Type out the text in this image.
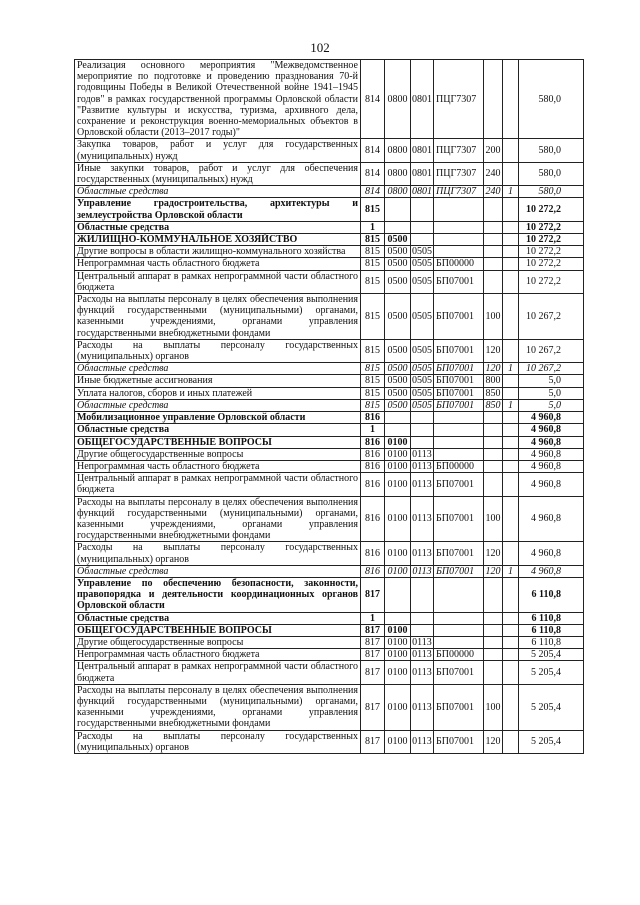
102
Реализация основного мероприятия "Межведомственное мероприятие по подготовке и проведению празднования 70-й годовщины Победы в Великой Отечественной войне 1941–1945 годов" в рамках государственной программы Орловской области "Развитие культуры и искусства, туризма, архивного дела, сохранение и реконструкция военно-мемориальных объектов в Орловской области (2013–2017 годы)"	814	0800	0801	ПЦГ7307			580,0
Закупка товаров, работ и услуг для государственных (муниципальных) нужд	814	0800	0801	ПЦГ7307	200		580,0
Иные закупки товаров, работ и услуг для обеспечения государственных (муниципальных) нужд	814	0800	0801	ПЦГ7307	240		580,0
Областные средства	814	0800	0801	ПЦГ7307	240	1	580,0
Управление градостроительства, архитектуры и землеустройства Орловской области	815						10 272,2
Областные средства	1						10 272,2
ЖИЛИЩНО-КОММУНАЛЬНОЕ ХОЗЯЙСТВО	815	0500					10 272,2
Другие вопросы в области жилищно-коммунального хозяйства	815	0500	0505				10 272,2
Непрограммная часть областного бюджета	815	0500	0505	БП00000			10 272,2
Центральный аппарат в рамках непрограммной части областного бюджета	815	0500	0505	БП07001			10 272,2
Расходы на выплаты персоналу в целях обеспечения выполнения функций государственными (муниципальными) органами, казенными учреждениями, органами управления государственными внебюджетными фондами	815	0500	0505	БП07001	100		10 267,2
Расходы на выплаты персоналу государственных (муниципальных) органов	815	0500	0505	БП07001	120		10 267,2
Областные средства	815	0500	0505	БП07001	120	1	10 267,2
Иные бюджетные ассигнования	815	0500	0505	БП07001	800		5,0
Уплата налогов, сборов и иных платежей	815	0500	0505	БП07001	850		5,0
Областные средства	815	0500	0505	БП07001	850	1	5,0
Мобилизационное управление Орловской области	816						4 960,8
Областные средства	1						4 960,8
ОБЩЕГОСУДАРСТВЕННЫЕ ВОПРОСЫ	816	0100					4 960,8
Другие общегосударственные вопросы	816	0100	0113				4 960,8
Непрограммная часть областного бюджета	816	0100	0113	БП00000			4 960,8
Центральный аппарат в рамках непрограммной части областного бюджета	816	0100	0113	БП07001			4 960,8
Расходы на выплаты персоналу в целях обеспечения выполнения функций государственными (муниципальными) органами, казенными учреждениями, органами управления государственными внебюджетными фондами	816	0100	0113	БП07001	100		4 960,8
Расходы на выплаты персоналу государственных (муниципальных) органов	816	0100	0113	БП07001	120		4 960,8
Областные средства	816	0100	0113	БП07001	120	1	4 960,8
Управление по обеспечению безопасности, законности, правопорядка и деятельности координационных органов Орловской области	817						6 110,8
Областные средства	1						6 110,8
ОБЩЕГОСУДАРСТВЕННЫЕ ВОПРОСЫ	817	0100					6 110,8
Другие общегосударственные вопросы	817	0100	0113				6 110,8
Непрограммная часть областного бюджета	817	0100	0113	БП00000			5 205,4
Центральный аппарат в рамках непрограммной части областного бюджета	817	0100	0113	БП07001			5 205,4
Расходы на выплаты персоналу в целях обеспечения выполнения функций государственными (муниципальными) органами, казенными учреждениями, органами управления государственными внебюджетными фондами	817	0100	0113	БП07001	100		5 205,4
Расходы на выплаты персоналу государственных (муниципальных) органов	817	0100	0113	БП07001	120		5 205,4
